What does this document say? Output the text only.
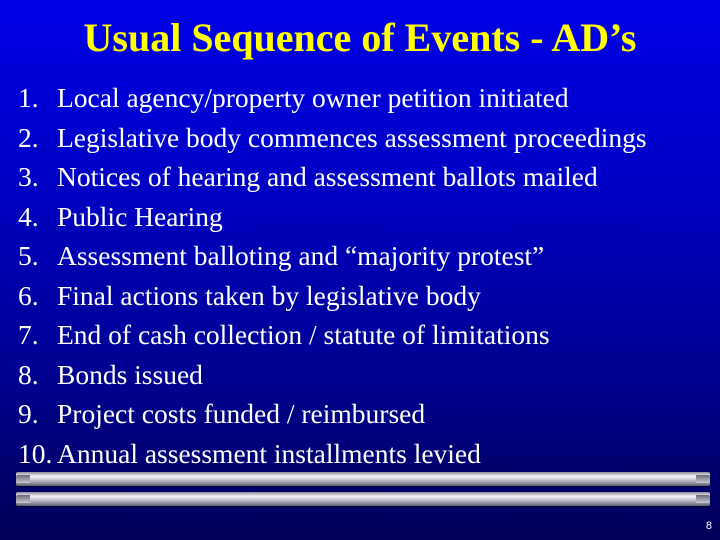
Usual Sequence of Events - AD’s
1. Local agency/property owner petition initiated
2. Legislative body commences assessment proceedings
3. Notices of hearing and assessment ballots mailed
4. Public Hearing
5. Assessment balloting and “majority protest”
6. Final actions taken by legislative body
7. End of cash collection / statute of limitations
8. Bonds issued
9. Project costs funded / reimbursed
10. Annual assessment installments levied
8
